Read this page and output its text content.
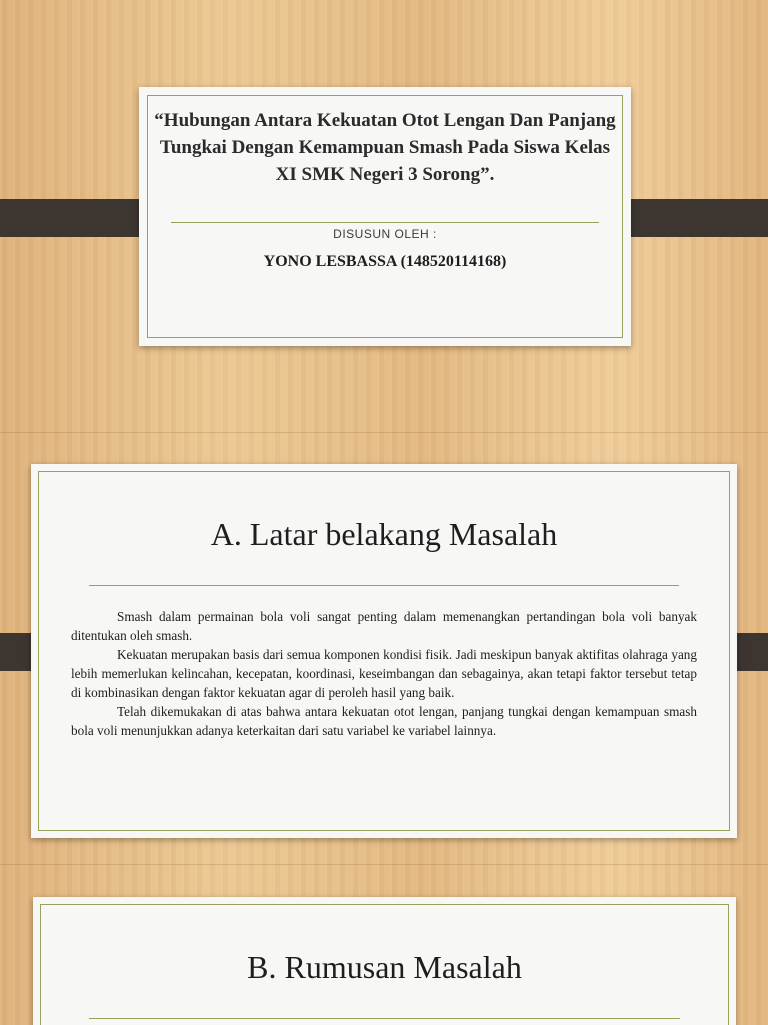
“Hubungan Antara Kekuatan Otot Lengan Dan Panjang Tungkai Dengan Kemampuan Smash Pada Siswa Kelas XI SMK Negeri 3 Sorong”.
DISUSUN OLEH :
YONO LESBASSA (148520114168)
A. Latar belakang Masalah

Smash dalam permainan bola voli sangat penting dalam memenangkan pertandingan bola voli banyak ditentukan oleh smash.

Kekuatan merupakan basis dari semua komponen kondisi fisik. Jadi meskipun banyak aktifitas olahraga yang lebih memerlukan kelincahan, kecepatan, koordinasi, keseimbangan dan sebagainya, akan tetapi faktor tersebut tetap di kombinasikan dengan faktor kekuatan agar di peroleh hasil yang baik.

Telah dikemukakan di atas bahwa antara kekuatan otot lengan, panjang tungkai dengan kemampuan smash bola voli menunjukkan adanya keterkaitan dari satu variabel ke variabel lainnya.

B. Rumusan Masalah
